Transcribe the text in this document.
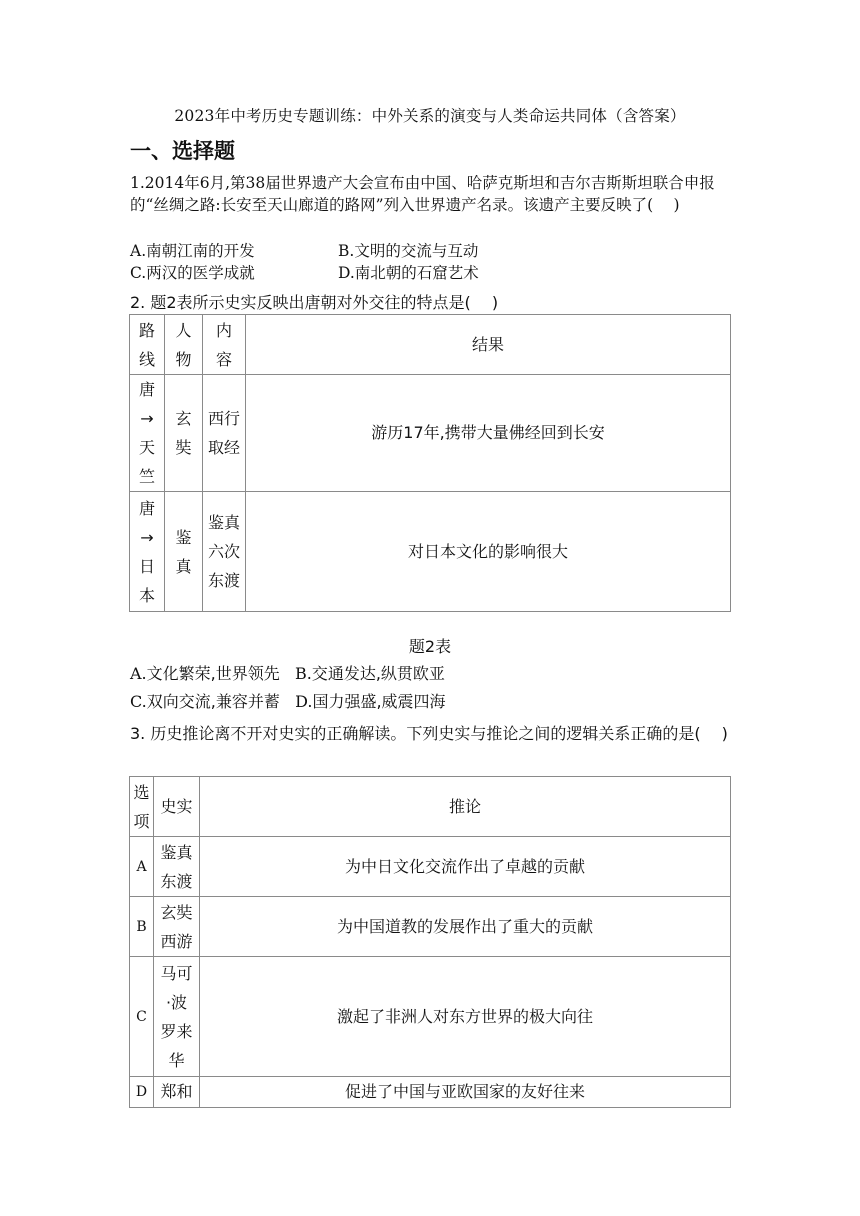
2023年中考历史专题训练：中外关系的演变与人类命运共同体（含答案）
一、选择题
1.2014年6月,第38届世界遗产大会宣布由中国、哈萨克斯坦和吉尔吉斯斯坦联合申报的“丝绸之路:长安至天山廊道的路网”列入世界遗产名录。该遗产主要反映了(　 )
A.南朝江南的开发	B.文明的交流与互动
C.两汉的医学成就	D.南北朝的石窟艺术
2. 题2表所示史实反映出唐朝对外交往的特点是(　 )
路线	人物	内容	结果

唐→天竺	玄奘	西行取经	游历17年,携带大量佛经回到长安

唐→日本	鉴真	鉴真六次东渡	对日本文化的影响很大
题2表
A.文化繁荣,世界领先 B.交通发达,纵贯欧亚
C.双向交流,兼容并蓄 D.国力强盛,威震四海
3. 历史推论离不开对史实的正确解读。下列史实与推论之间的逻辑关系正确的是(　 )
选项	史实	推论
A	鉴真东渡	为中日文化交流作出了卓越的贡献
B	玄奘西游	为中国道教的发展作出了重大的贡献
C	马可·波罗来华	激起了非洲人对东方世界的极大向往
D	郑和	促进了中国与亚欧国家的友好往来
